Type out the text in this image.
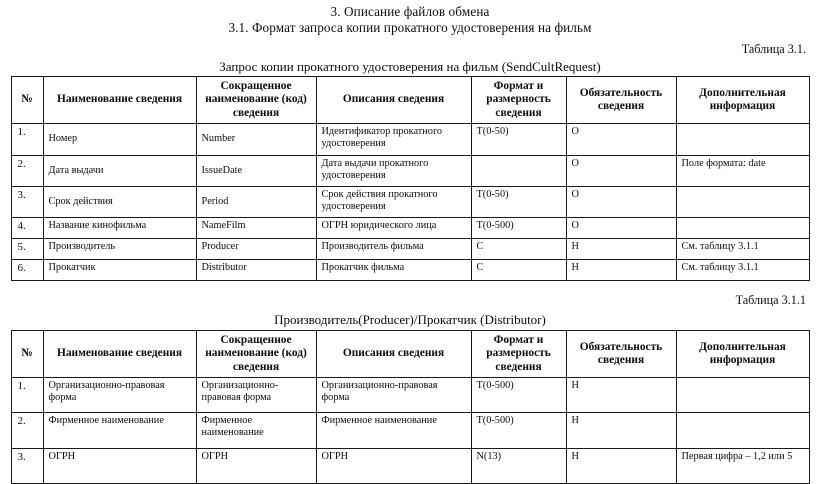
3. Описание файлов обмена
3.1. Формат запроса копии прокатного удостоверения на фильм
Таблица 3.1.
Запрос копии прокатного удостоверения на фильм (SendCultRequest)
№	Наименование сведения	Сокращенное наименование (код) сведения	Описания сведения	Формат и размерность сведения	Обязательность сведения	Дополнительная информация
1.	Номер	Number	Идентификатор прокатного удостоверения	Т(0-50)	О	
2.	Дата выдачи	IssueDate	Дата выдачи прокатного удостоверения		О	Поле формата: date
3.	Срок действия	Period	Срок действия прокатного удостоверения	Т(0-50)	О	
4.	Название кинофильма	NameFilm	ОГРН юридического лица	Т(0-500)	О	
5.	Производитель	Producer	Производитель фильма	С	Н	См. таблицу 3.1.1
6.	Прокатчик	Distributor	Прокатчик фильма	С	Н	См. таблицу 3.1.1
Таблица 3.1.1
Производитель(Producer)/Прокатчик (Distributor)
№	Наименование сведения	Сокращенное наименование (код) сведения	Описания сведения	Формат и размерность сведения	Обязательность сведения	Дополнительная информация
1.	Организационно-правовая форма	Организационно-правовая форма	Организационно-правовая форма	Т(0-500)	Н	
2.	Фирменное наименование	Фирменное наименование	Фирменное наименование	Т(0-500)	Н	
3.	ОГРН	ОГРН	ОГРН	N(13)	Н	Первая цифра – 1,2 или 5
